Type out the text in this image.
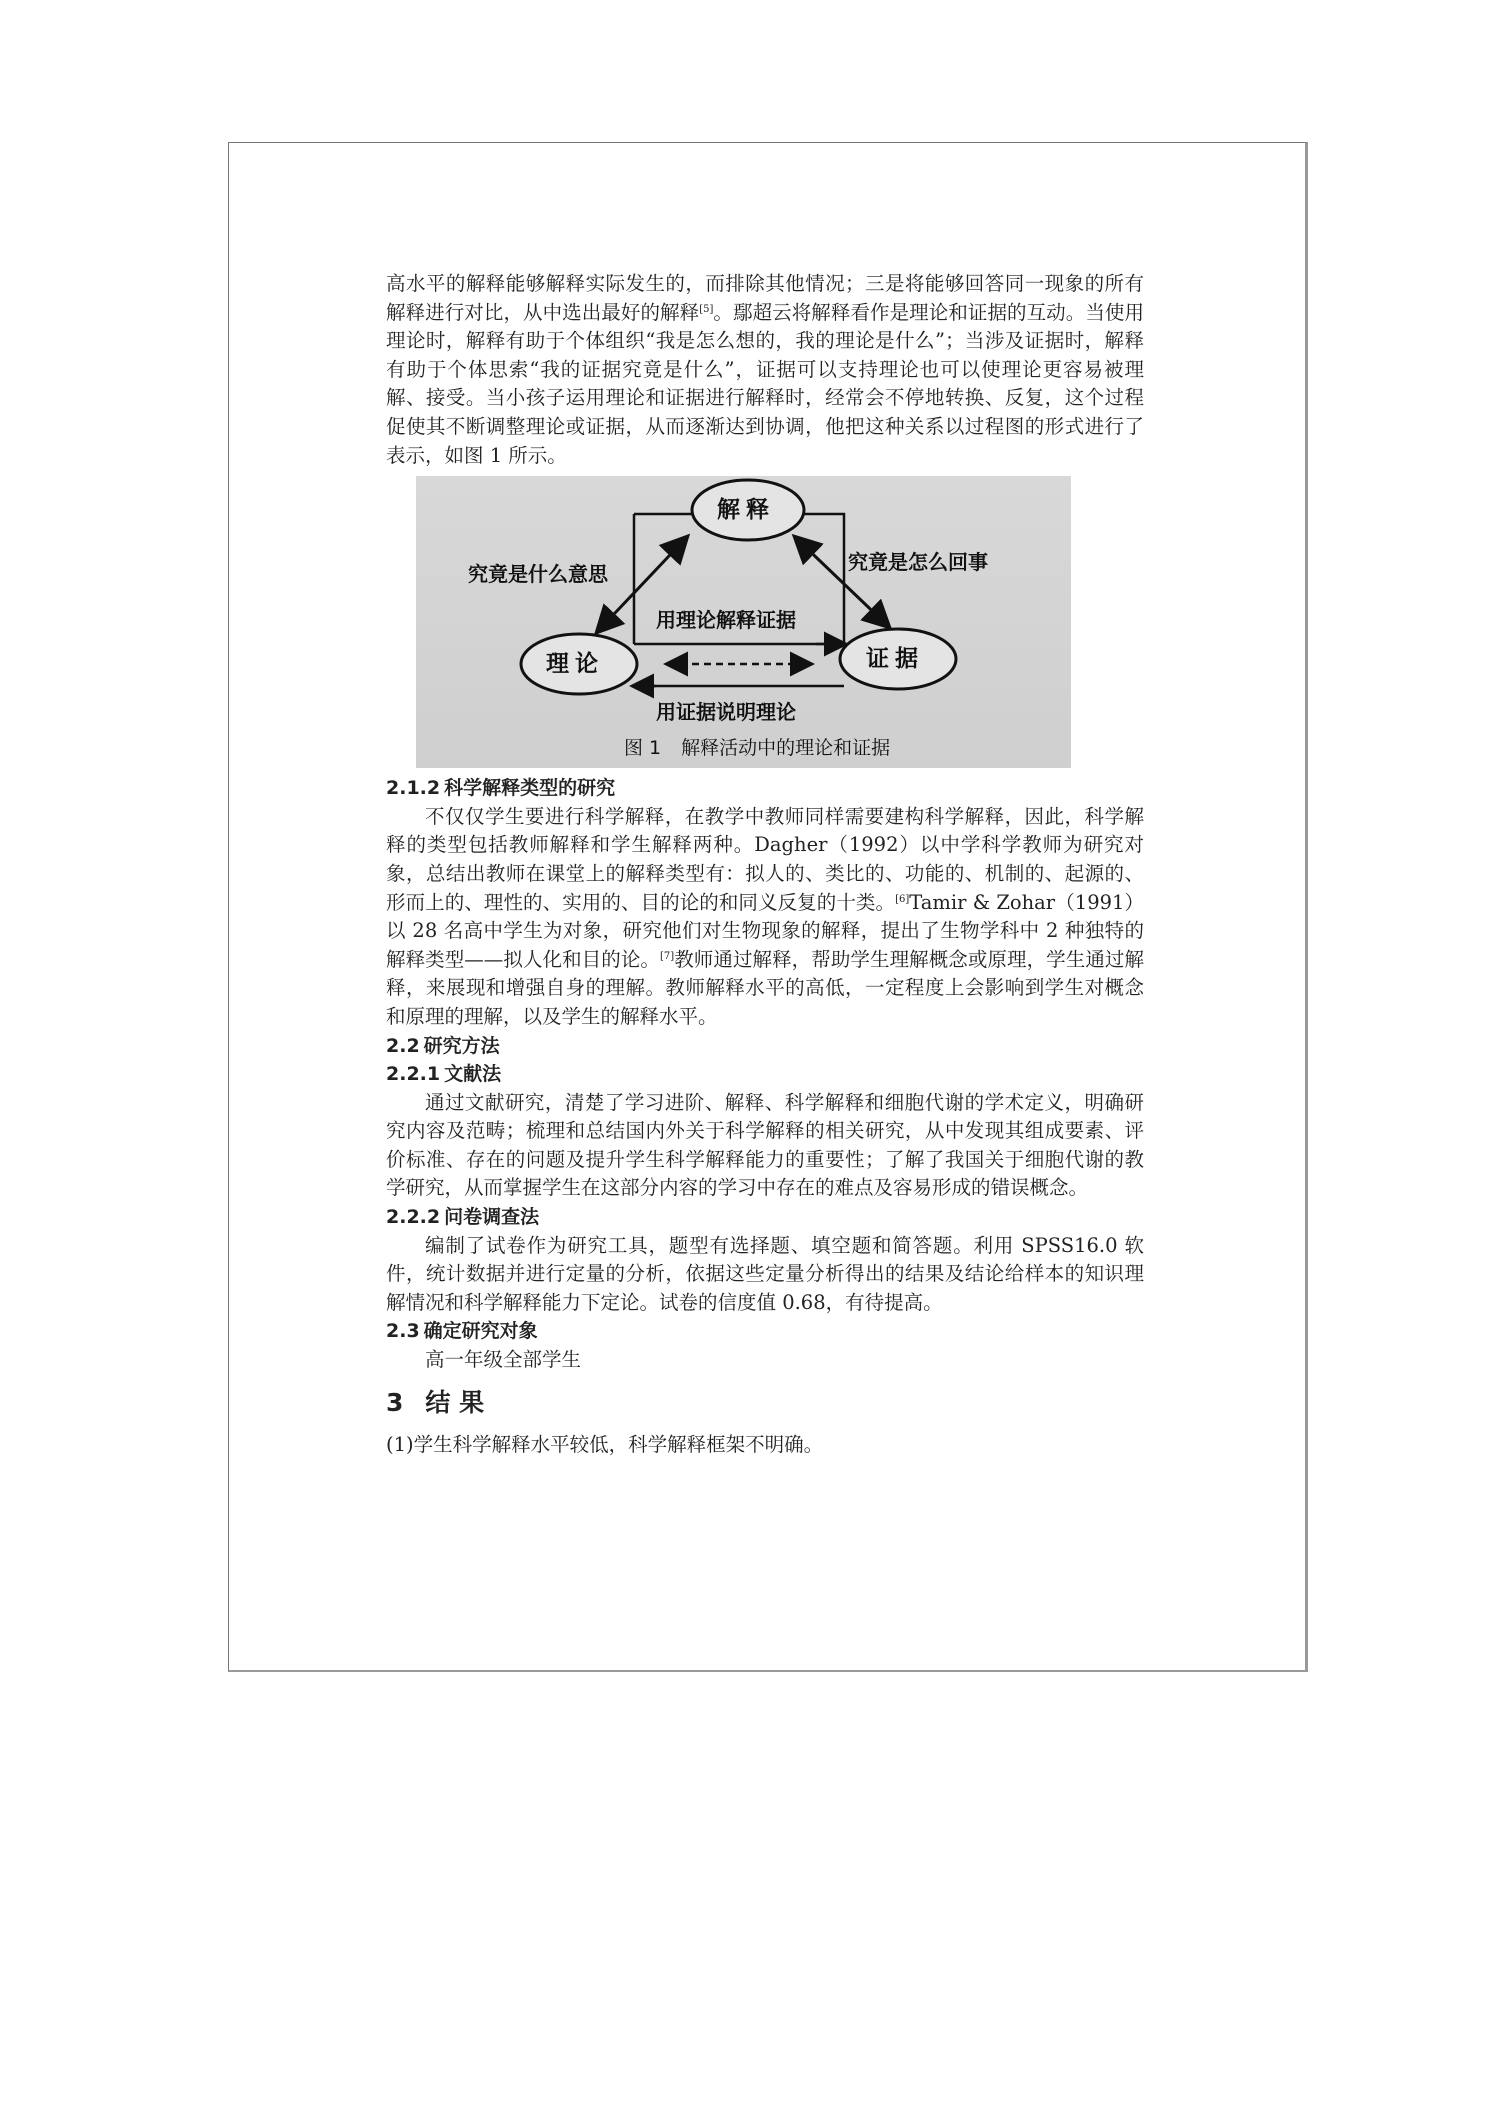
高水平的解释能够解释实际发生的，而排除其他情况；三是将能够回答同一现象的所有解释进行对比，从中选出最好的解释[5]。鄢超云将解释看作是理论和证据的互动。当使用理论时，解释有助于个体组织“我是怎么想的，我的理论是什么”；当涉及证据时，解释有助于个体思索“我的证据究竟是什么”，证据可以支持理论也可以使理论更容易被理解、接受。当小孩子运用理论和证据进行解释时，经常会不停地转换、反复，这个过程促使其不断调整理论或证据，从而逐渐达到协调，他把这种关系以过程图的形式进行了表示，如图 1 所示。

解释
理论	证据
究竟是什么意思	究竟是怎么回事
用理论解释证据
用证据说明理论
图 1 解释活动中的理论和证据

2.1.2 科学解释类型的研究

不仅仅学生要进行科学解释，在教学中教师同样需要建构科学解释，因此，科学解释的类型包括教师解释和学生解释两种。Dagher（1992）以中学科学教师为研究对象，总结出教师在课堂上的解释类型有：拟人的、类比的、功能的、机制的、起源的、形而上的、理性的、实用的、目的论的和同义反复的十类。[6]Tamir & Zohar（1991）以 28 名高中学生为对象，研究他们对生物现象的解释，提出了生物学科中 2 种独特的解释类型——拟人化和目的论。[7]教师通过解释，帮助学生理解概念或原理，学生通过解释，来展现和增强自身的理解。教师解释水平的高低，一定程度上会影响到学生对概念和原理的理解，以及学生的解释水平。

2.2 研究方法

2.2.1 文献法

通过文献研究，清楚了学习进阶、解释、科学解释和细胞代谢的学术定义，明确研究内容及范畴；梳理和总结国内外关于科学解释的相关研究，从中发现其组成要素、评价标准、存在的问题及提升学生科学解释能力的重要性；了解了我国关于细胞代谢的教学研究，从而掌握学生在这部分内容的学习中存在的难点及容易形成的错误概念。

2.2.2 问卷调查法

编制了试卷作为研究工具，题型有选择题、填空题和简答题。利用 SPSS16.0 软件，统计数据并进行定量的分析，依据这些定量分析得出的结果及结论给样本的知识理解情况和科学解释能力下定论。试卷的信度值 0.68，有待提高。

2.3 确定研究对象

高一年级全部学生

3 结 果

(1)学生科学解释水平较低，科学解释框架不明确。
